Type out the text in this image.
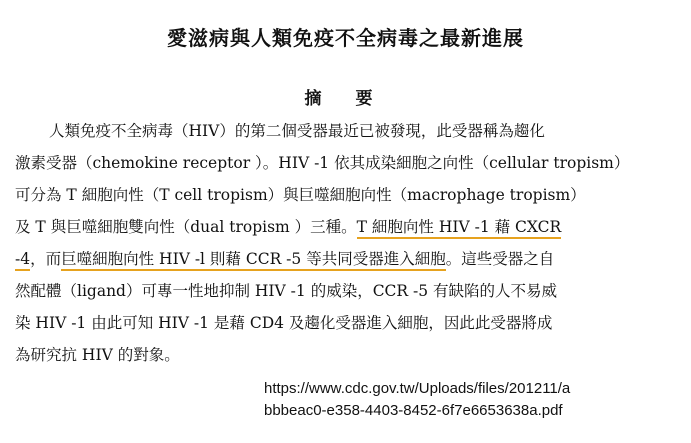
愛滋病與人類免疫不全病毒之最新進展
摘 要
人類免疫不全病毒（HIV）的第二個受器最近已被發現，此受器稱為趨化
激素受器（chemokine receptor ）。HIV -1 依其成染細胞之向性（cellular tropism）
可分為 T 細胞向性（T cell tropism）與巨噬細胞向性（macrophage tropism）
及 T 與巨噬細胞雙向性（dual tropism ）三種。T 細胞向性 HIV -1 藉 CXCR
-4，而巨噬細胞向性 HIV -l 則藉 CCR -5 等共同受器進入細胞。這些受器之自
然配體（ligand）可專一性地抑制 HIV -1 的威染，CCR -5 有缺陷的人不易威
染 HIV -1 由此可知 HIV -1 是藉 CD4 及趨化受器進入細胞，因此此受器將成
為研究抗 HIV 的對象。
https://www.cdc.gov.tw/Uploads/files/201211/a
bbbeac0-e358-4403-8452-6f7e6653638a.pdf
